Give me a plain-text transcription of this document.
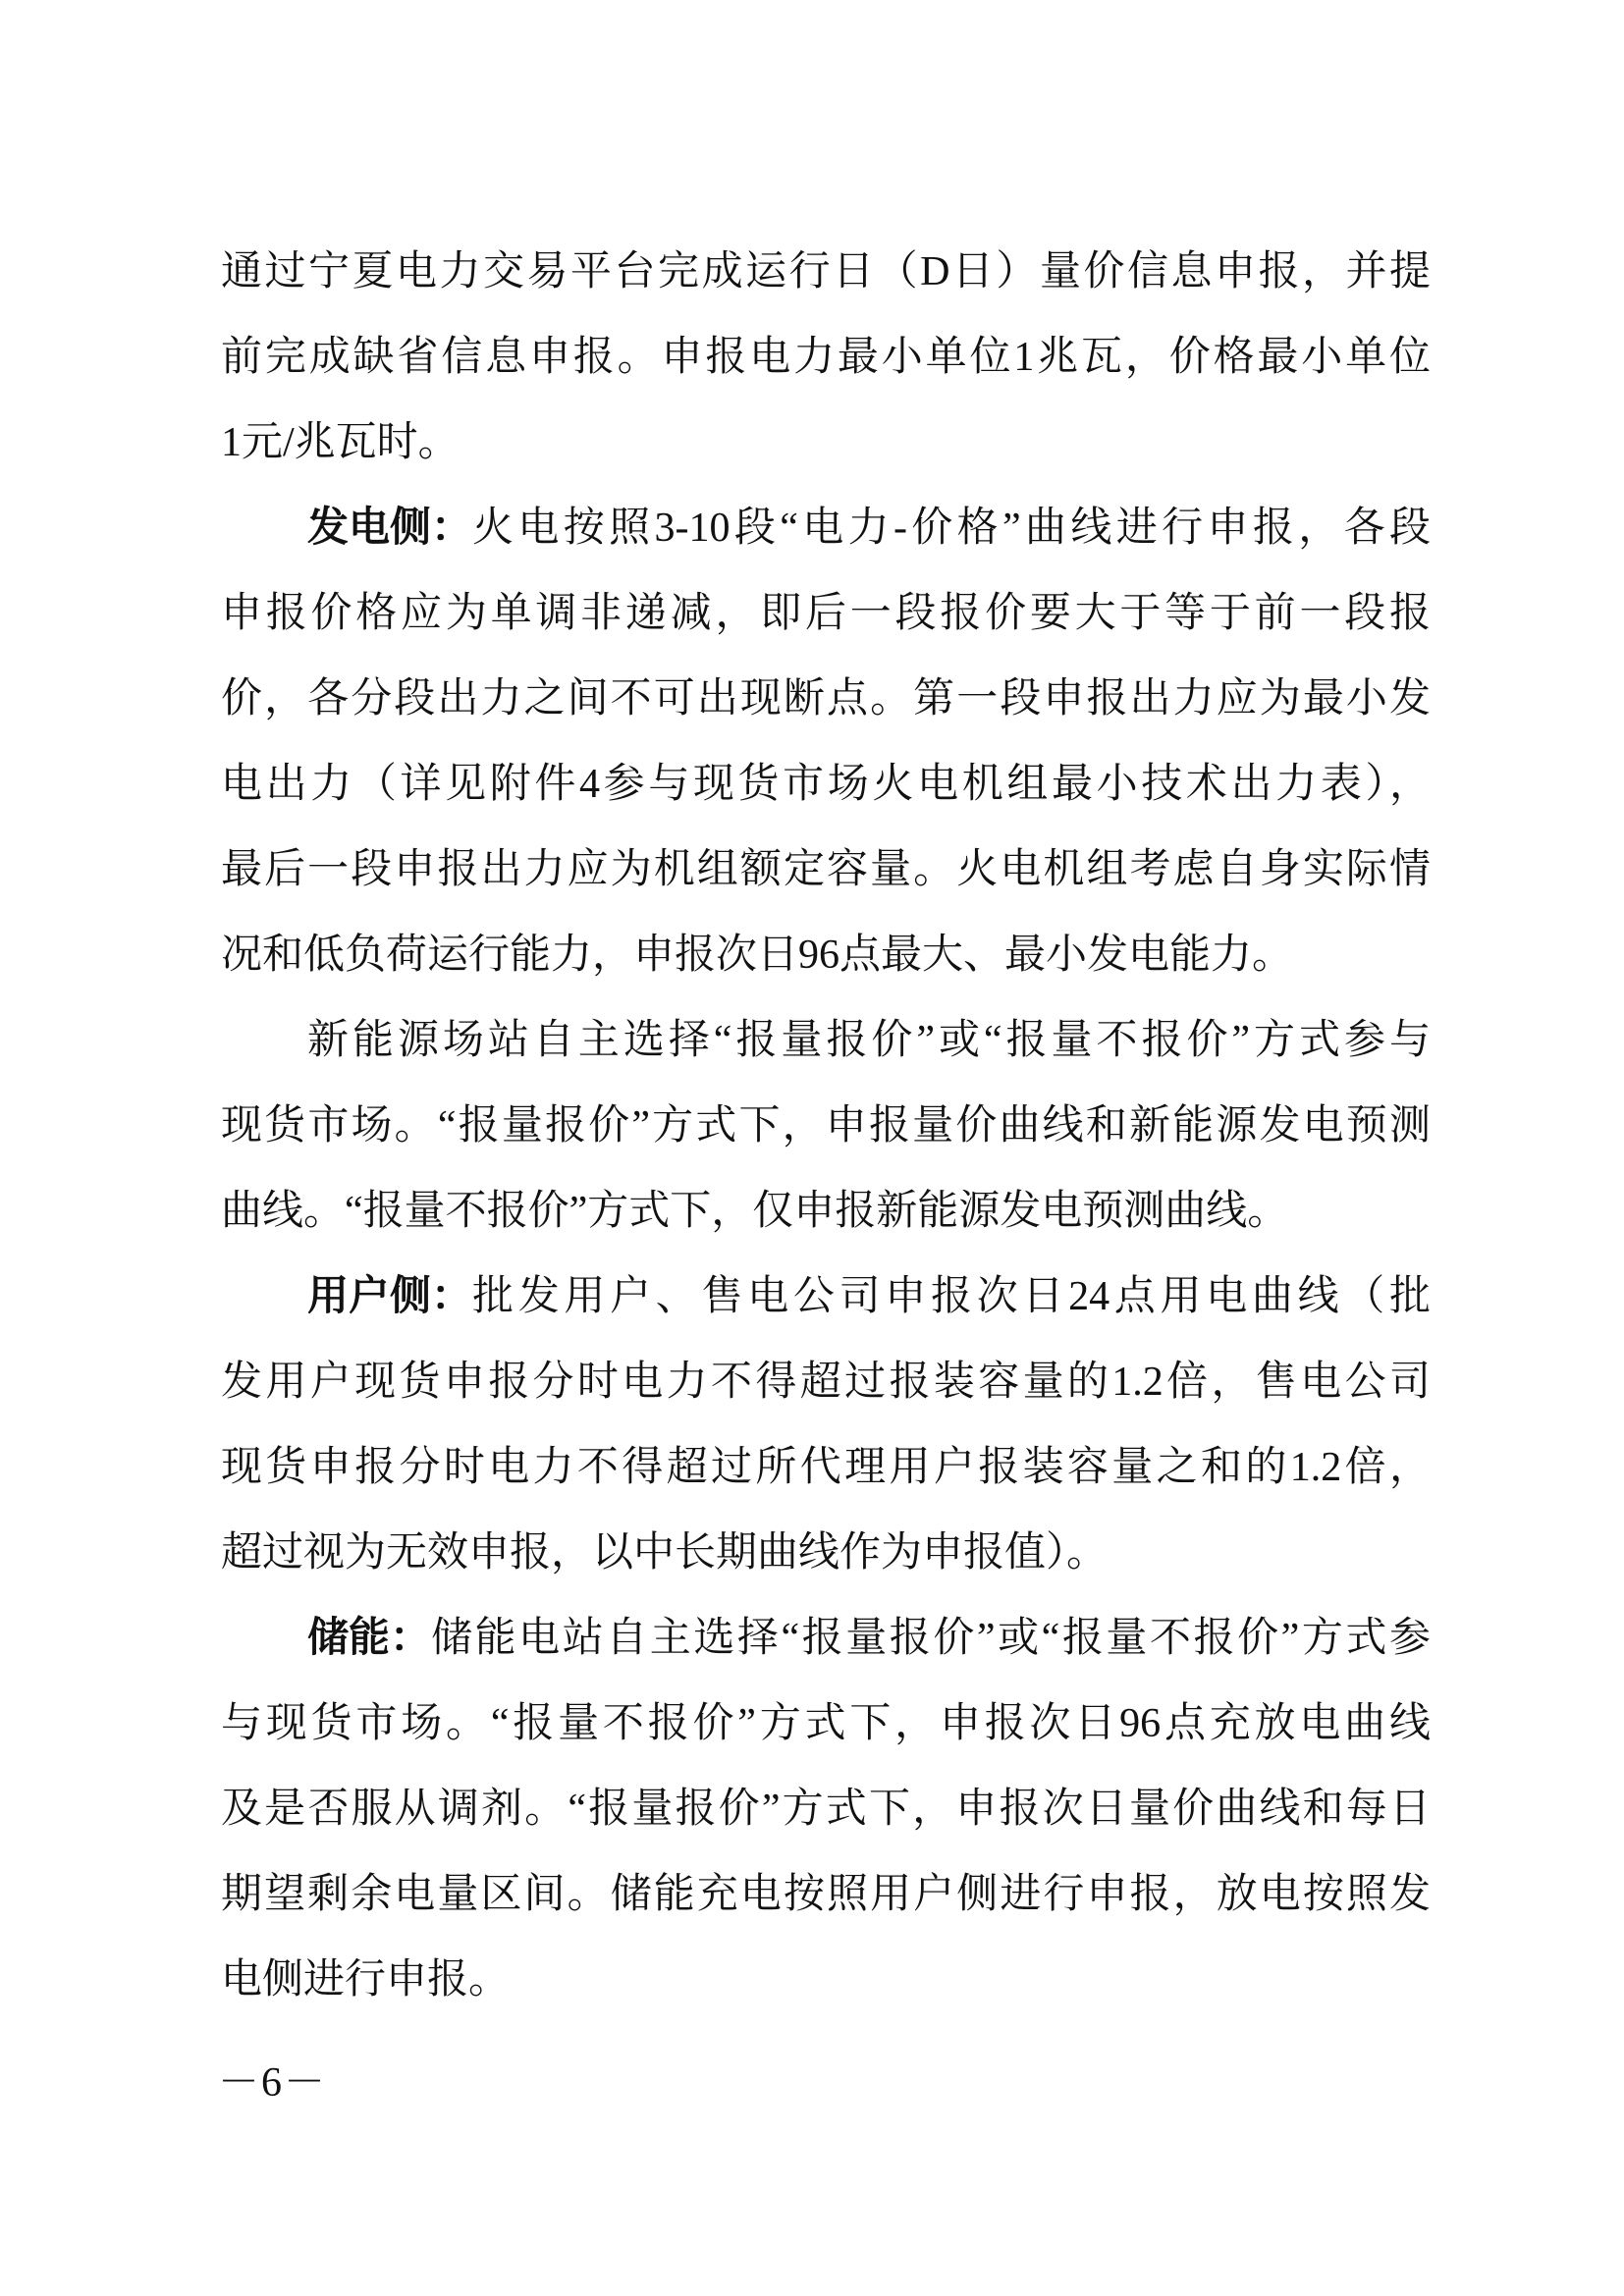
通过宁夏电力交易平台完成运行日（D日）量价信息申报，并提
前完成缺省信息申报。申报电力最小单位1兆瓦，价格最小单位
1元/兆瓦时。
发电侧： 火电按照3-10段“电力-价格”曲线进行申报，各段
申报价格应为单调非递减，即后一段报价要大于等于前一段报
价，各分段出力之间不可出现断点。第一段申报出力应为最小发
电出力（详见附件4参与现货市场火电机组最小技术出力表），
最后一段申报出力应为机组额定容量。火电机组考虑自身实际情
况和低负荷运行能力，申报次日96点最大、最小发电能力。
新能源场站自主选择“报量报价”或“报量不报价”方式参与
现货市场。“报量报价”方式下，申报量价曲线和新能源发电预测
曲线。“报量不报价”方式下，仅申报新能源发电预测曲线。
用户侧： 批发用户、售电公司申报次日24点用电曲线（批
发用户现货申报分时电力不得超过报装容量的1.2倍，售电公司
现货申报分时电力不得超过所代理用户报装容量之和的1.2倍，
超过视为无效申报，以中长期曲线作为申报值）。
储能： 储能电站自主选择“报量报价”或“报量不报价”方式参
与现货市场。“报量不报价”方式下，申报次日96点充放电曲线
及是否服从调剂。“报量报价”方式下，申报次日量价曲线和每日
期望剩余电量区间。储能充电按照用户侧进行申报，放电按照发
电侧进行申报。
－6－
